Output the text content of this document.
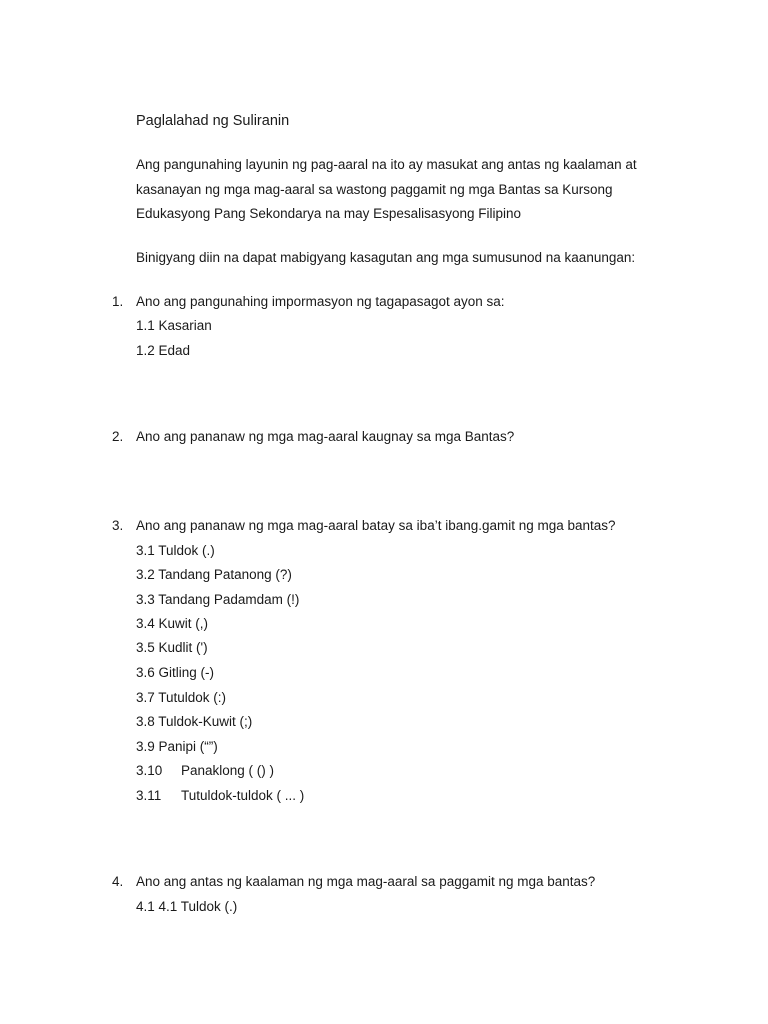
Paglalahad ng Suliranin
Ang pangunahing layunin ng pag-aaral na ito ay masukat ang antas ng kaalaman at
kasanayan ng mga mag-aaral sa wastong paggamit ng mga Bantas sa Kursong
Edukasyong Pang Sekondarya na may Espesalisasyong Filipino
Binigyang diin na dapat mabigyang kasagutan ang mga sumusunod na kaanungan:
1. Ano ang pangunahing impormasyon ng tagapasagot ayon sa:
1.1 Kasarian
1.2 Edad
2. Ano ang pananaw ng mga mag-aaral kaugnay sa mga Bantas?
3. Ano ang pananaw ng mga mag-aaral batay sa iba’t ibang.gamit ng mga bantas?
3.1 Tuldok (.)
3.2 Tandang Patanong (?)
3.3 Tandang Padamdam (!)
3.4 Kuwit (,)
3.5 Kudlit (')
3.6 Gitling (-)
3.7 Tutuldok (:)
3.8 Tuldok-Kuwit (;)
3.9 Panipi (“”)
3.10 Panaklong ( () )
3.11 Tutuldok-tuldok ( ... )
4. Ano ang antas ng kaalaman ng mga mag-aaral sa paggamit ng mga bantas?
4.1 4.1 Tuldok (.)
